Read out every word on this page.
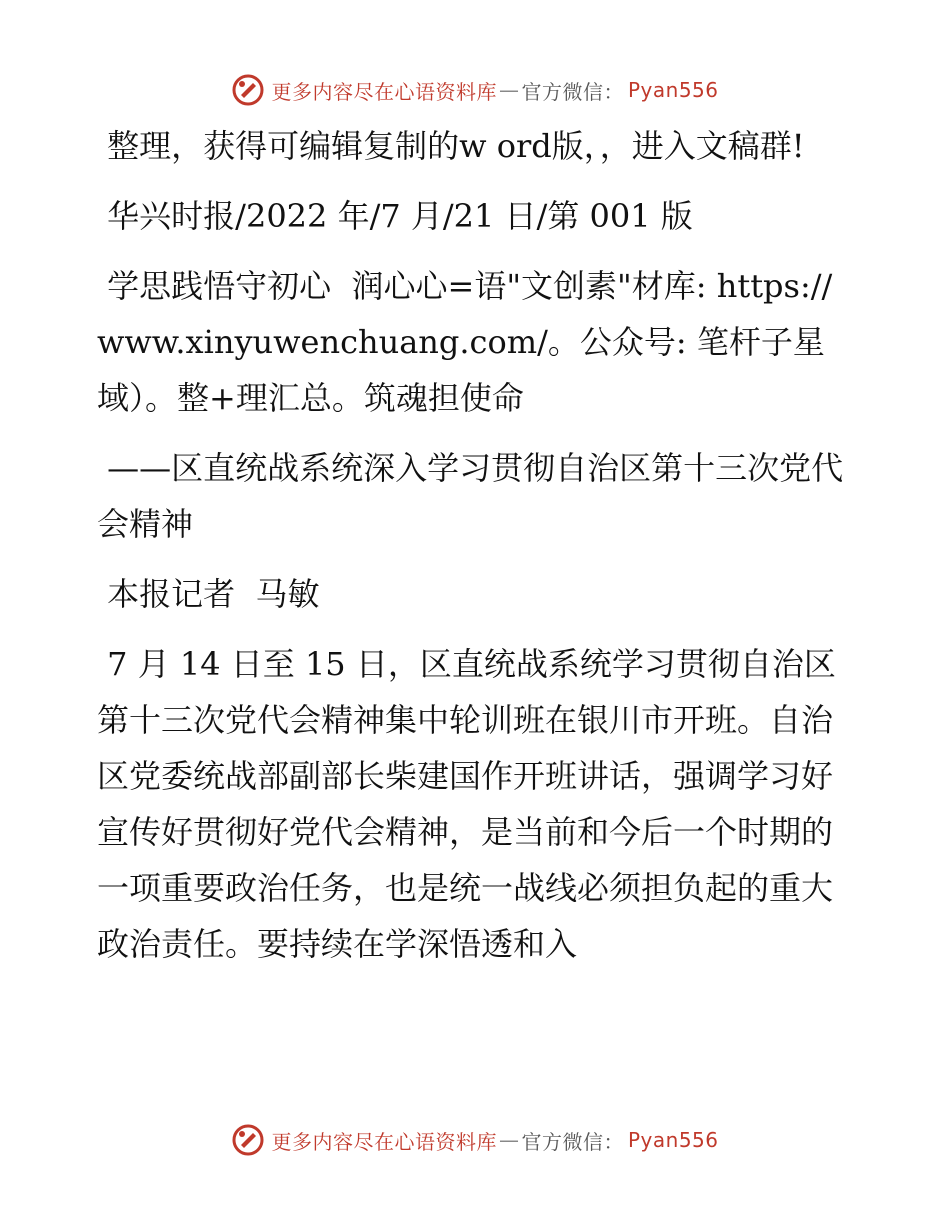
更多内容尽在心语资料库 — 官方微信： Pyan556

整理，获得可编辑复制的w ord版，，进入文稿群!

华兴时报/2022 年/7 月/21 日/第 001 版

学思践悟守初心  润心心=语"文创素"材库: https://www.xinyuwenchuang.com/。公众号: 笔杆子星域）。整+理汇总。筑魂担使命

——区直统战系统深入学习贯彻自治区第十三次党代会精神

本报记者  马敏

7 月 14 日至 15 日，区直统战系统学习贯彻自治区第十三次党代会精神集中轮训班在银川市开班。自治区党委统战部副部长柴建国作开班讲话，强调学习好宣传好贯彻好党代会精神，是当前和今后一个时期的一项重要政治任务，也是统一战线必须担负起的重大政治责任。要持续在学深悟透和入

更多内容尽在心语资料库 — 官方微信： Pyan556
